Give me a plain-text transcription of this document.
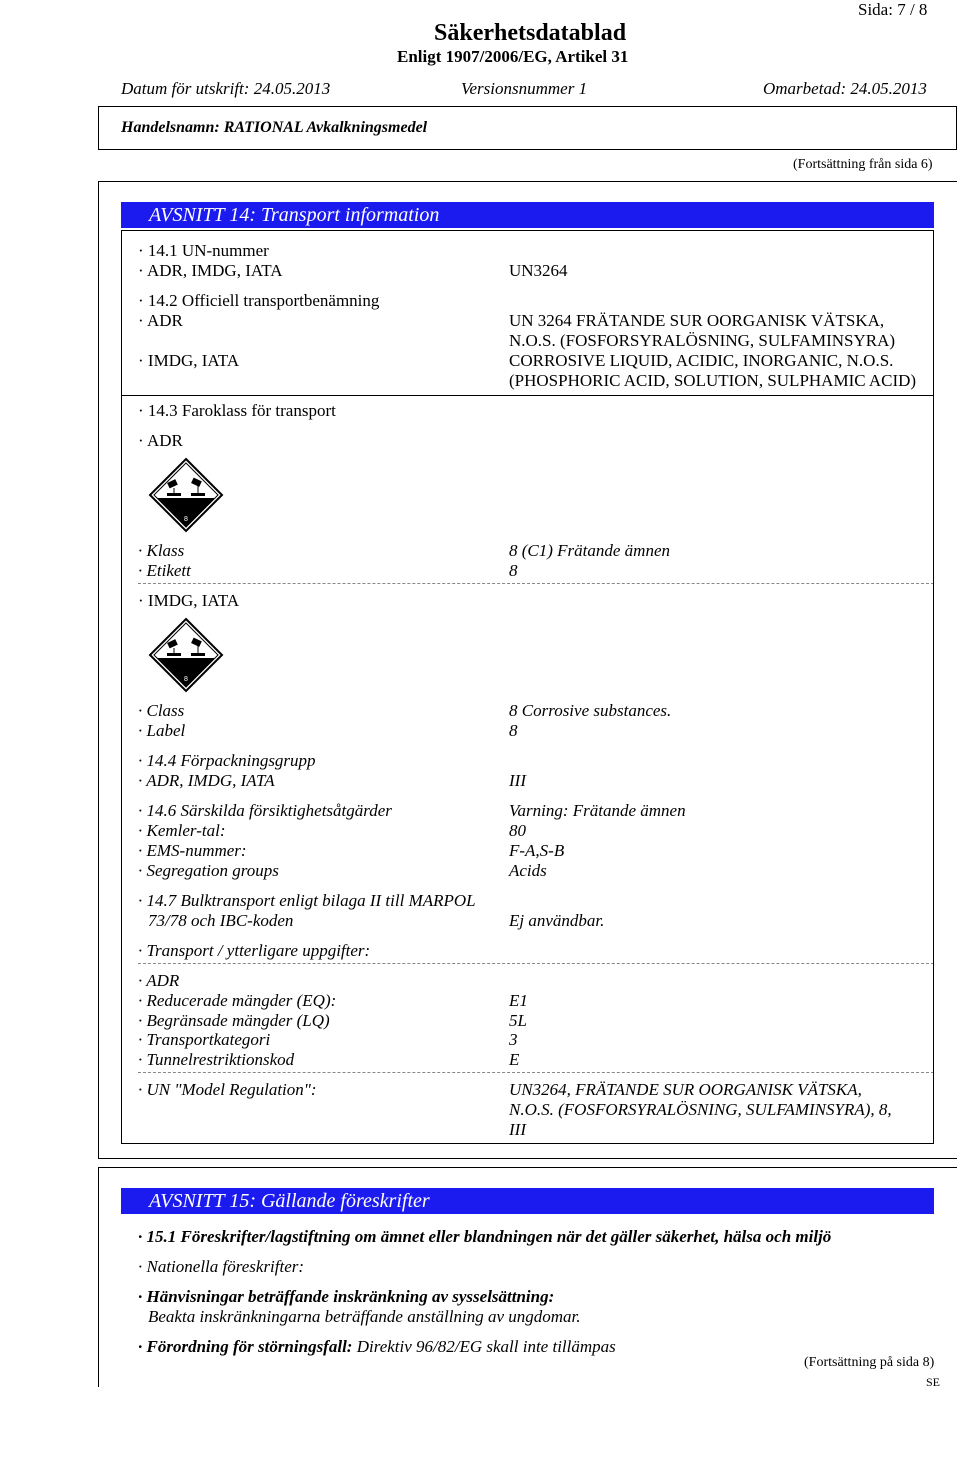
Sida: 7 / 8
Säkerhetsdatablad
Enligt 1907/2006/EG, Artikel 31
Datum för utskrift: 24.05.2013	Versionsnummer 1	Omarbetad: 24.05.2013
Handelsnamn: RATIONAL Avkalkningsmedel
(Fortsättning från sida 6)
AVSNITT 14: Transport information
· 14.1 UN-nummer
· ADR, IMDG, IATA	UN3264
· 14.2 Officiell transportbenämning
· ADR	UN 3264 FRÄTANDE SUR OORGANISK VÄTSKA,
N.O.S. (FOSFORSYRALÖSNING, SULFAMINSYRA)
· IMDG, IATA	CORROSIVE LIQUID, ACIDIC, INORGANIC, N.O.S.
(PHOSPHORIC ACID, SOLUTION, SULPHAMIC ACID)
· 14.3 Faroklass för transport
· ADR
8
· Klass	8 (C1) Frätande ämnen
· Etikett	8
· IMDG, IATA
8
· Class	8 Corrosive substances.
· Label	8
· 14.4 Förpackningsgrupp
· ADR, IMDG, IATA	III
· 14.6 Särskilda försiktighetsåtgärder	Varning: Frätande ämnen
· Kemler-tal:	80
· EMS-nummer:	F-A,S-B
· Segregation groups	Acids
· 14.7 Bulktransport enligt bilaga II till MARPOL
73/78 och IBC-koden	Ej användbar.
· Transport / ytterligare uppgifter:
· ADR
· Reducerade mängder (EQ):	E1
· Begränsade mängder (LQ)	5L
· Transportkategori	3
· Tunnelrestriktionskod	E
· UN "Model Regulation":	UN3264, FRÄTANDE SUR OORGANISK VÄTSKA,
N.O.S. (FOSFORSYRALÖSNING, SULFAMINSYRA), 8,
III
AVSNITT 15: Gällande föreskrifter
· 15.1 Föreskrifter/lagstiftning om ämnet eller blandningen när det gäller säkerhet, hälsa och miljö
· Nationella föreskrifter:
· Hänvisningar beträffande inskränkning av sysselsättning:
Beakta inskränkningarna beträffande anställning av ungdomar.
· Förordning för störningsfall: Direktiv 96/82/EG skall inte tillämpas
(Fortsättning på sida 8)
SE
